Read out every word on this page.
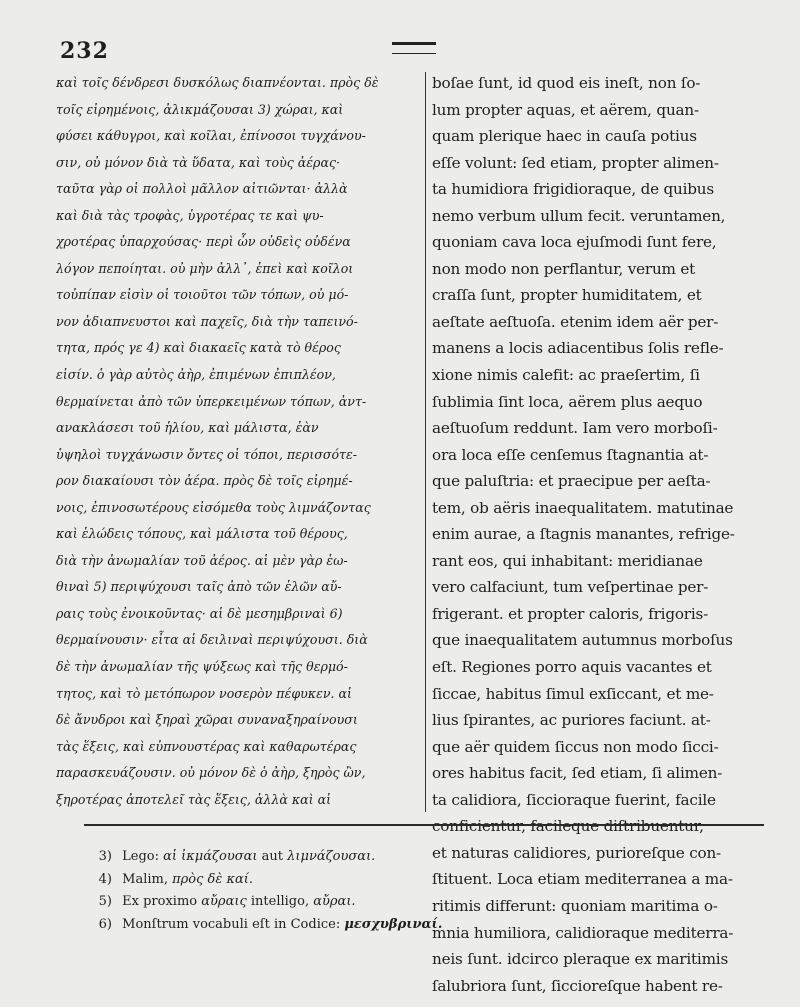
232
καὶ τοῖς δένδρεσι δυσκόλως διαπνέονται. πρὸς δὲ
τοῖς εἰρημένοις, ἀλικμάζουσαι 3) χώραι, καὶ
φύσει κάθυγροι, καὶ κοῖλαι, ἐπίνοσοι τυγχάνου-
σιν, οὐ μόνον διὰ τὰ ὕδατα, καὶ τοὺς ἀέρας·
ταῦτα γὰρ οἱ πολλοὶ μᾶλλον αἰτιῶνται· ἀλλὰ
καὶ διὰ τὰς τροφὰς, ὑγροτέρας τε καὶ ψυ-
χροτέρας ὑπαρχούσας· περὶ ὧν οὐδεὶς οὐδένα
λόγον πεποίηται. οὐ μὴν ἀλλ᾽, ἐπεὶ καὶ κοῖλοι
τοὐπίπαν εἰσὶν οἱ τοιοῦτοι τῶν τόπων, οὐ μό-
νον ἀδιαπνευστοι καὶ παχεῖς, διὰ τὴν ταπεινό-
τητα, πρός γε 4) καὶ διακαεῖς κατὰ τὸ θέρος
εἰσίν. ὁ γὰρ αὐτὸς ἀὴρ, ἐπιμένων ἐπιπλέον,
θερμαίνεται ἀπὸ τῶν ὑπερκειμένων τόπων, ἀντ-
ανακλάσεσι τοῦ ἡλίου, καὶ μάλιστα, ἐὰν
ὑψηλοὶ τυγχάνωσιν ὄντες οἱ τόποι, περισσότε-
ρον διακαίουσι τὸν ἀέρα. πρὸς δὲ τοῖς εἰρημέ-
νοις, ἐπινοσωτέρους εἰσόμεθα τοὺς λιμνάζοντας
καὶ ἑλώδεις τόπους, καὶ μάλιστα τοῦ θέρους,
διὰ τὴν ἀνωμαλίαν τοῦ ἀέρος. αἱ μὲν γὰρ ἑω-
θιναὶ 5) περιψύχουσι ταῖς ἀπὸ τῶν ἑλῶν αὔ-
ραις τοὺς ἐνοικοῦντας· αἱ δὲ μεσημβριναὶ 6)
θερμαίνουσιν· εἶτα αἱ δειλιναὶ περιψύχουσι. διὰ
δὲ τὴν ἀνωμαλίαν τῆς ψύξεως καὶ τῆς θερμό-
τητος, καὶ τὸ μετόπωρον νοσερὸν πέφυκεν. αἱ
δὲ ἄνυδροι καὶ ξηραὶ χῶραι συναναξηραίνουσι
τὰς ἕξεις, καὶ εὐπνουστέρας καὶ καθαρωτέρας
παρασκευάζουσιν. οὐ μόνον δὲ ὁ ἀὴρ, ξηρὸς ὢν,
ξηροτέρας ἀποτελεῖ τὰς ἕξεις, ἀλλὰ καὶ αἱ
boſae ſunt, id quod eis ineſt, non ſo-
lum propter aquas, et aërem, quan-
quam plerique haec in cauſa potius
eſſe volunt: ſed etiam, propter alimen-
ta humidiora frigidioraque, de quibus
nemo verbum ullum fecit. veruntamen,
quoniam cava loca ejuſmodi ſunt fere,
non modo non perflantur, verum et
craſſa ſunt, propter humiditatem, et
aeſtate aeſtuoſa. etenim idem aër per-
manens a locis adiacentibus ſolis refle-
xione nimis calefit: ac praeſertim, ſi
ſublimia ſint loca, aërem plus aequo
aeſtuoſum reddunt. Iam vero morboſi-
ora loca eſſe cenſemus ſtagnantia at-
que paluſtria: et praecipue per aeſta-
tem, ob aëris inaequalitatem. matutinae
enim aurae, a ſtagnis manantes, refrige-
rant eos, qui inhabitant: meridianae
vero calfaciunt, tum veſpertinae per-
frigerant. et propter caloris, frigoris-
que inaequalitatem autumnus morboſus
eſt. Regiones porro aquis vacantes et
ſiccae, habitus ſimul exſiccant, et me-
lius ſpirantes, ac puriores faciunt. at-
que aër quidem ſiccus non modo ſicci-
ores habitus facit, ſed etiam, ſi alimen-
ta calidiora, ſicciorаque fuerint, facile
conficientur, facileque diſtribuentur,
et naturas calidiores, purioreſque con-
ſtituent. Loca etiam mediterranea a ma-
ritimis differunt: quoniam maritima o-
mnia humiliora, calidioraque mediterra-
neis ſunt. idcirco pleraque ex maritimis
ſalubriora ſunt, ſiccioreſque habent re-
3) Lego: αἱ ἰκμάζουσαι aut λιμνάζουσαι.
4) Malim, πρὸς δὲ καί.
5) Ex proximo αὔραις intelligo, αὔραι.
6) Monſtrum vocabuli eſt in Codice: μεσχυβριναί.
